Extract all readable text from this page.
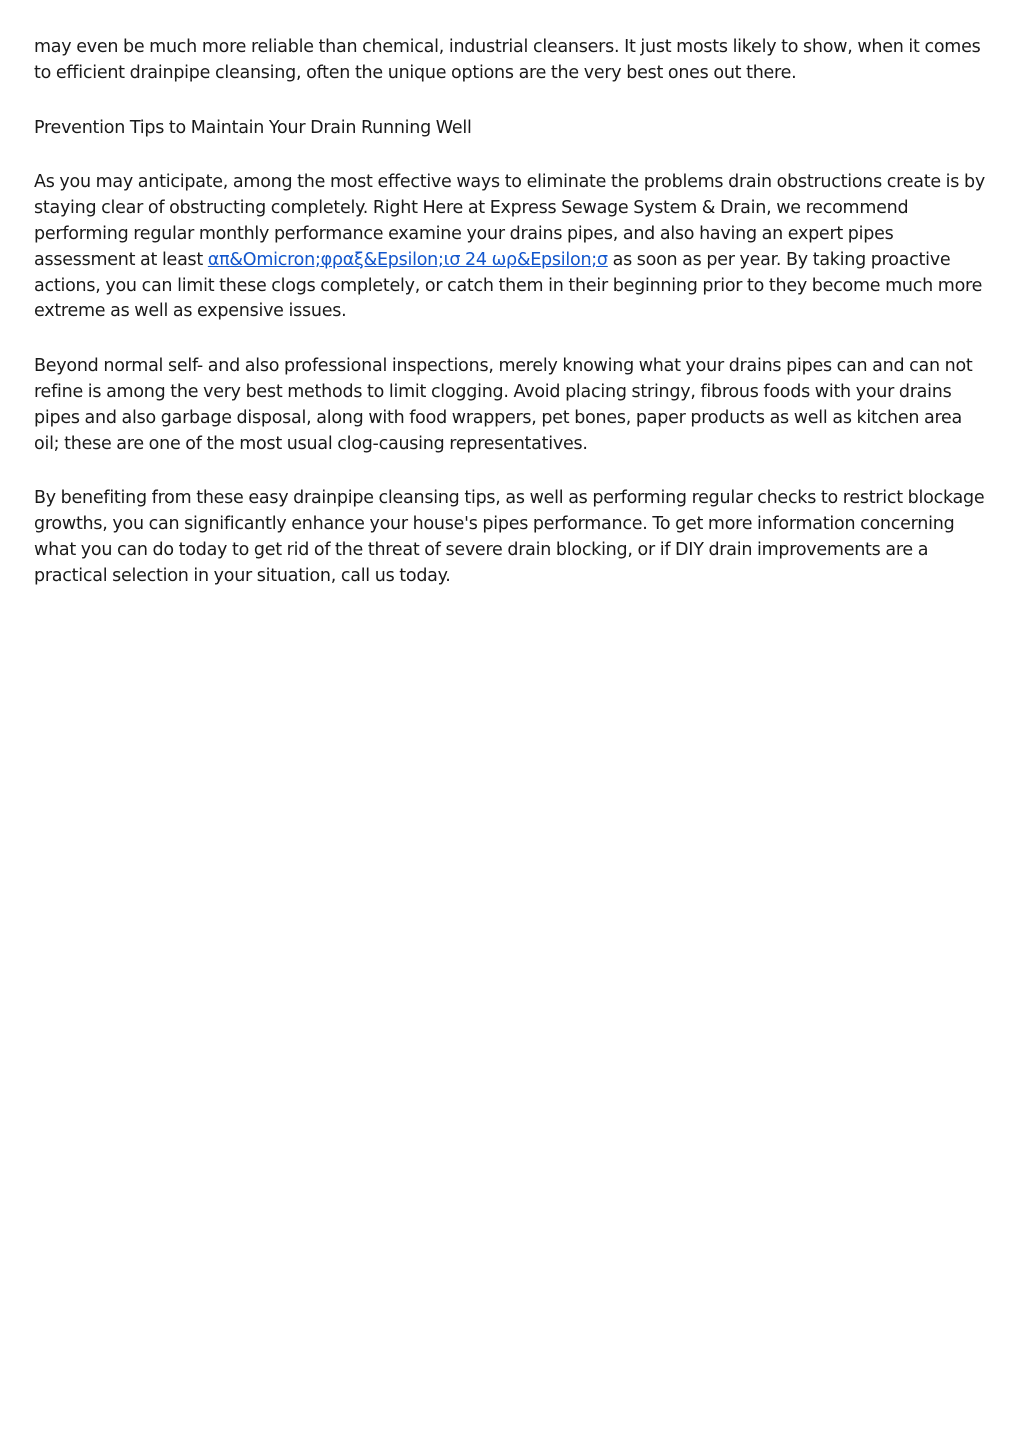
may even be much more reliable than chemical, industrial cleansers. It just mosts likely to show, when it comes to efficient drainpipe cleansing, often the unique options are the very best ones out there.

Prevention Tips to Maintain Your Drain Running Well

As you may anticipate, among the most effective ways to eliminate the problems drain obstructions create is by staying clear of obstructing completely. Right Here at Express Sewage System & Drain, we recommend performing regular monthly performance examine your drains pipes, and also having an expert pipes assessment at least απ&Omicron;φραξ&Epsilon;ισ 24 ωρ&Epsilon;σ as soon as per year. By taking proactive actions, you can limit these clogs completely, or catch them in their beginning prior to they become much more extreme as well as expensive issues.

Beyond normal self- and also professional inspections, merely knowing what your drains pipes can and can not refine is among the very best methods to limit clogging. Avoid placing stringy, fibrous foods with your drains pipes and also garbage disposal, along with food wrappers, pet bones, paper products as well as kitchen area oil; these are one of the most usual clog-causing representatives.

By benefiting from these easy drainpipe cleansing tips, as well as performing regular checks to restrict blockage growths, you can significantly enhance your house's pipes performance. To get more information concerning what you can do today to get rid of the threat of severe drain blocking, or if DIY drain improvements are a practical selection in your situation, call us today.
